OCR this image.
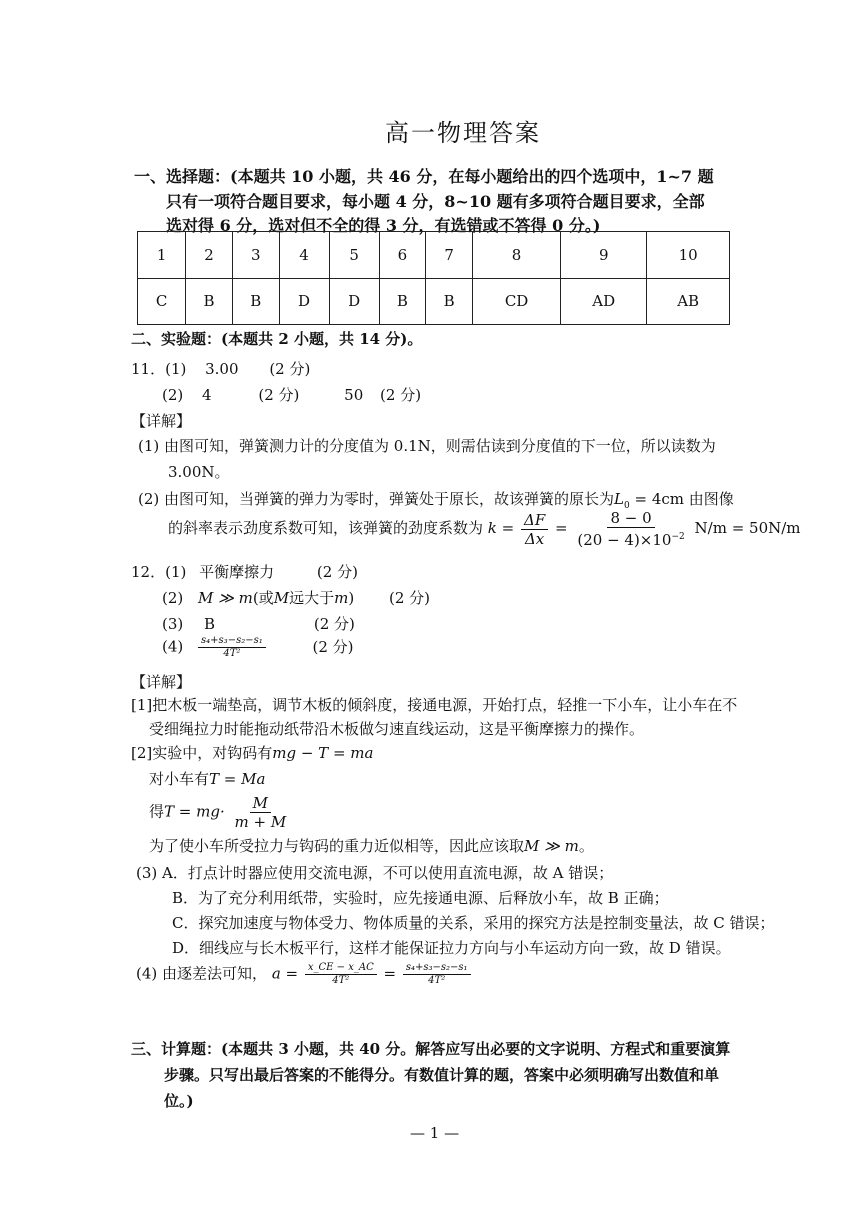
高一物理答案
一、选择题：(本题共 10 小题，共 46 分，在每小题给出的四个选项中，1~7 题
只有一项符合题目要求，每小题 4 分，8~10 题有多项符合题目要求，全部
选对得 6 分，选对但不全的得 3 分，有选错或不答得 0 分。)
1	2	3	4	5	6	7	8	9	10
C	B	B	D	D	B	B	CD	AD	AB
二、实验题：(本题共 2 小题，共 14 分)。
11．(1) 3.00 (2 分)
(2) 4	(2 分)	50 (2 分)
【详解】
(1) 由图可知，弹簧测力计的分度值为 0.1N，则需估读到分度值的下一位，所以读数为
3.00N。
(2) 由图可知，当弹簧的弹力为零时，弹簧处于原长，故该弹簧的原长为$L_0 = 4cm$ 由图像
的斜率表示劲度系数可知，该弹簧的劲度系数为 $k = \frac{\Delta F}{\Delta x} = \frac{8 - 0}{(20 - 4)\times 10^{-2}} N/m = 50N/m$
12．(1) 平衡摩擦力	(2 分)
(2) M ≫ m(或M远大于m) (2 分)
(3) B	(2 分)
$(4) \frac{\text{s₄+s₃−s₂−s₁}}{\text{4T²}}$	(2 分)
【详解】
[1]把木板一端垫高，调节木板的倾斜度，接通电源，开始打点，轻推一下小车，让小车在不
受细绳拉力时能拖动纸带沿木板做匀速直线运动，这是平衡摩擦力的操作。
[2]实验中，对钩码有mg − T = ma
对小车有T = Ma
得$T = mg\cdot \frac{M}{m + M}$
为了使小车所受拉力与钩码的重力近似相等，因此应该取M ≫ m。
(3) A．打点计时器应使用交流电源，不可以使用直流电源，故 A 错误；
B．为了充分利用纸带，实验时，应先接通电源、后释放小车，故 B 正确；
C．探究加速度与物体受力、物体质量的关系，采用的探究方法是控制变量法，故 C 错误；
D．细线应与长木板平行，这样才能保证拉力方向与小车运动方向一致，故 D 错误。
(4) 由逐差法可知， $a = \frac{x\_CE - x\_AC}{\text{4T²}} = \frac{\text{s₄+s₃−s₂−s₁}}{\text{4T²}}$
三、计算题：(本题共 3 小题，共 40 分。解答应写出必要的文字说明、方程式和重要演算
步骤。只写出最后答案的不能得分。有数值计算的题，答案中必须明确写出数值和单
位。)
— 1 —
